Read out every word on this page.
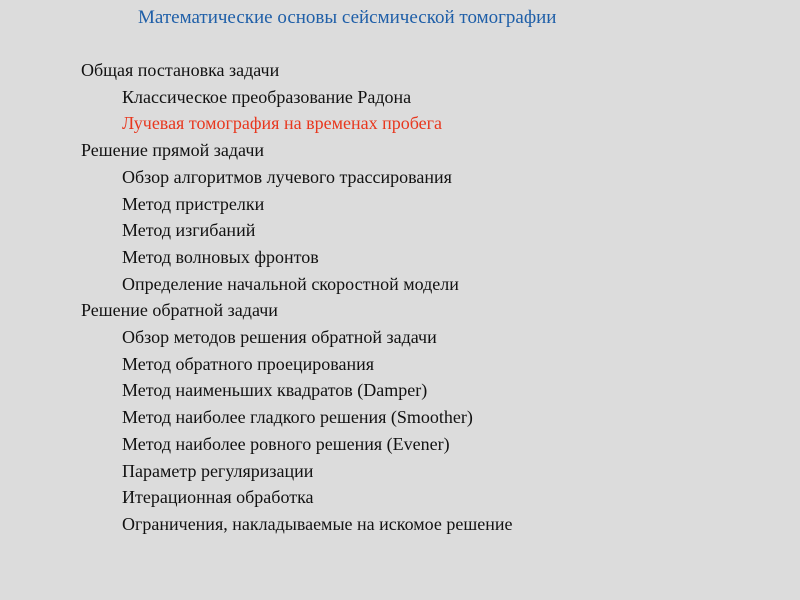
Математические основы сейсмической томографии
Общая постановка задачи
Классическое преобразование Радона
Лучевая томография на временах пробега
Решение прямой задачи
Обзор алгоритмов лучевого трассирования
Метод пристрелки
Метод изгибаний
Метод волновых фронтов
Определение начальной скоростной модели
Решение обратной задачи
Обзор методов решения обратной задачи
Метод обратного проецирования
Метод наименьших квадратов (Damper)
Метод наиболее гладкого решения (Smoother)
Метод наиболее ровного решения (Evener)
Параметр регуляризации
Итерационная обработка
Ограничения, накладываемые на искомое решение
